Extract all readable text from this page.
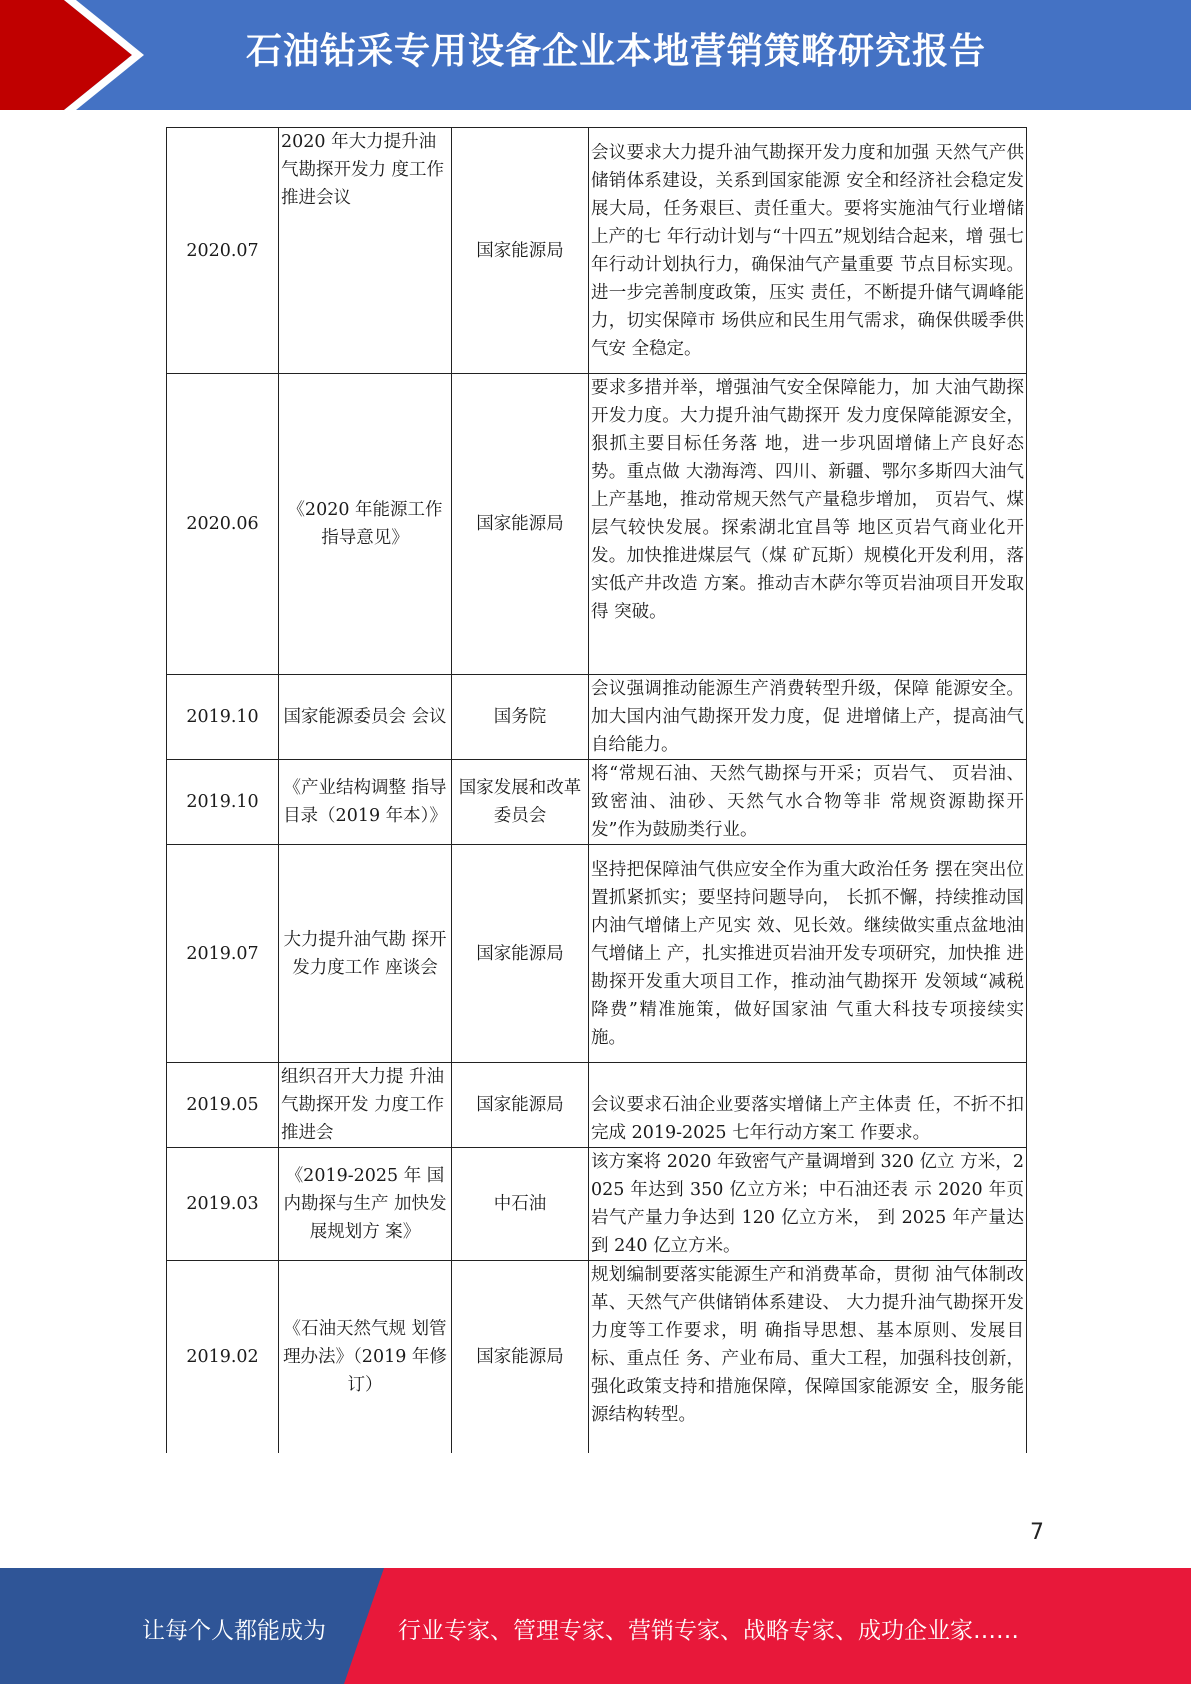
石油钻采专用设备企业本地营销策略研究报告
2020.07	2020 年大力提升油气勘探开发力 度工作推进会议	国家能源局	会议要求大力提升油气勘探开发力度和加强 天然气产供储销体系建设，关系到国家能源 安全和经济社会稳定发展大局，任务艰巨、责任重大。要将实施油气行业增储上产的七 年行动计划与“十四五”规划结合起来，增 强七年行动计划执行力，确保油气产量重要 节点目标实现。进一步完善制度政策，压实 责任，不断提升储气调峰能力，切实保障市 场供应和民生用气需求，确保供暖季供气安 全稳定。
2020.06	《2020 年能源工作指导意见》	国家能源局	要求多措并举，增强油气安全保障能力，加 大油气勘探开发力度。大力提升油气勘探开 发力度保障能源安全，狠抓主要目标任务落 地，进一步巩固增储上产良好态势。重点做 大渤海湾、四川、新疆、鄂尔多斯四大油气 上产基地，推动常规天然气产量稳步增加， 页岩气、煤层气较快发展。探索湖北宜昌等 地区页岩气商业化开发。加快推进煤层气（煤 矿瓦斯）规模化开发利用，落实低产井改造 方案。推动吉木萨尔等页岩油项目开发取得 突破。
2019.10	国家能源委员会 会议	国务院	会议强调推动能源生产消费转型升级，保障 能源安全。加大国内油气勘探开发力度，促 进增储上产，提高油气自给能力。
2019.10	《产业结构调整 指导目录（2019 年本）》	国家发展和改革委员会	将“常规石油、天然气勘探与开采；页岩气、 页岩油、致密油、油砂、天然气水合物等非 常规资源勘探开发”作为鼓励类行业。
2019.07	大力提升油气勘 探开发力度工作 座谈会	国家能源局	坚持把保障油气供应安全作为重大政治任务 摆在突出位置抓紧抓实；要坚持问题导向， 长抓不懈，持续推动国内油气增储上产见实 效、见长效。继续做实重点盆地油气增储上 产，扎实推进页岩油开发专项研究，加快推 进勘探开发重大项目工作，推动油气勘探开 发领域“减税降费”精准施策，做好国家油 气重大科技专项接续实施。
2019.05	组织召开大力提 升油气勘探开发 力度工作推进会	国家能源局	会议要求石油企业要落实增储上产主体责 任，不折不扣完成 2019-2025 七年行动方案工 作要求。
2019.03	《2019-2025 年 国内勘探与生产 加快发展规划方 案》	中石油	该方案将 2020 年致密气产量调增到 320 亿立 方米，2025 年达到 350 亿立方米；中石油还表 示 2020 年页岩气产量力争达到 120 亿立方米， 到 2025 年产量达到 240 亿立方米。
2019.02	《石油天然气规 划管理办法》（2019 年修订）	国家能源局	规划编制要落实能源生产和消费革命，贯彻 油气体制改革、天然气产供储销体系建设、 大力提升油气勘探开发力度等工作要求，明 确指导思想、基本原则、发展目标、重点任 务、产业布局、重大工程，加强科技创新， 强化政策支持和措施保障，保障国家能源安 全，服务能源结构转型。
7
让每个人都能成为	行业专家、管理专家、营销专家、战略专家、成功企业家……
